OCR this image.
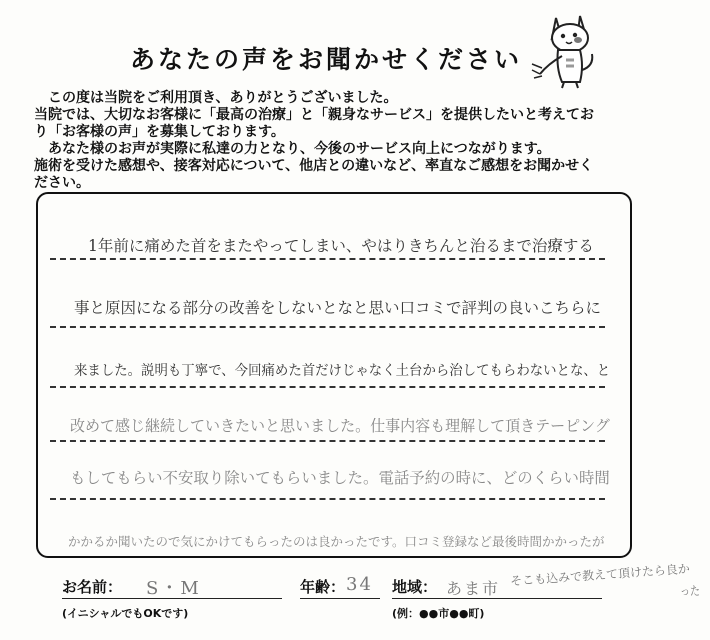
あなたの声をお聞かせください

この度は当院をご利用頂き、ありがとうございました。

当院では、大切なお客様に「最高の治療」と「親身なサービス」を提供したいと考えてお

り「お客様の声」を募集しております。

あなた様のお声が実際に私達の力となり、今後のサービス向上につながります。

施術を受けた感想や、接客対応について、他店との違いなど、率直なご感想をお聞かせく

ださい。

1年前に痛めた首をまたやってしまい、やはりきちんと治るまで治療する
事と原因になる部分の改善をしないとなと思い口コミで評判の良いこちらに
来ました。説明も丁寧で、今回痛めた首だけじゃなく土台から治してもらわないとな、と
改めて感じ継続していきたいと思いました。仕事内容も理解して頂きテーピング
もしてもらい不安取り除いてもらいました。電話予約の時に、どのくらい時間
かかるか聞いたので気にかけてもらったのは良かったです。口コミ登録など最後時間かかったが
お名前： S・M
(イニシャルでもOKです)
年齢： 34 地域： あま市
(例：●●市●●町)
そこも込みで教えて頂けたら良か
った
